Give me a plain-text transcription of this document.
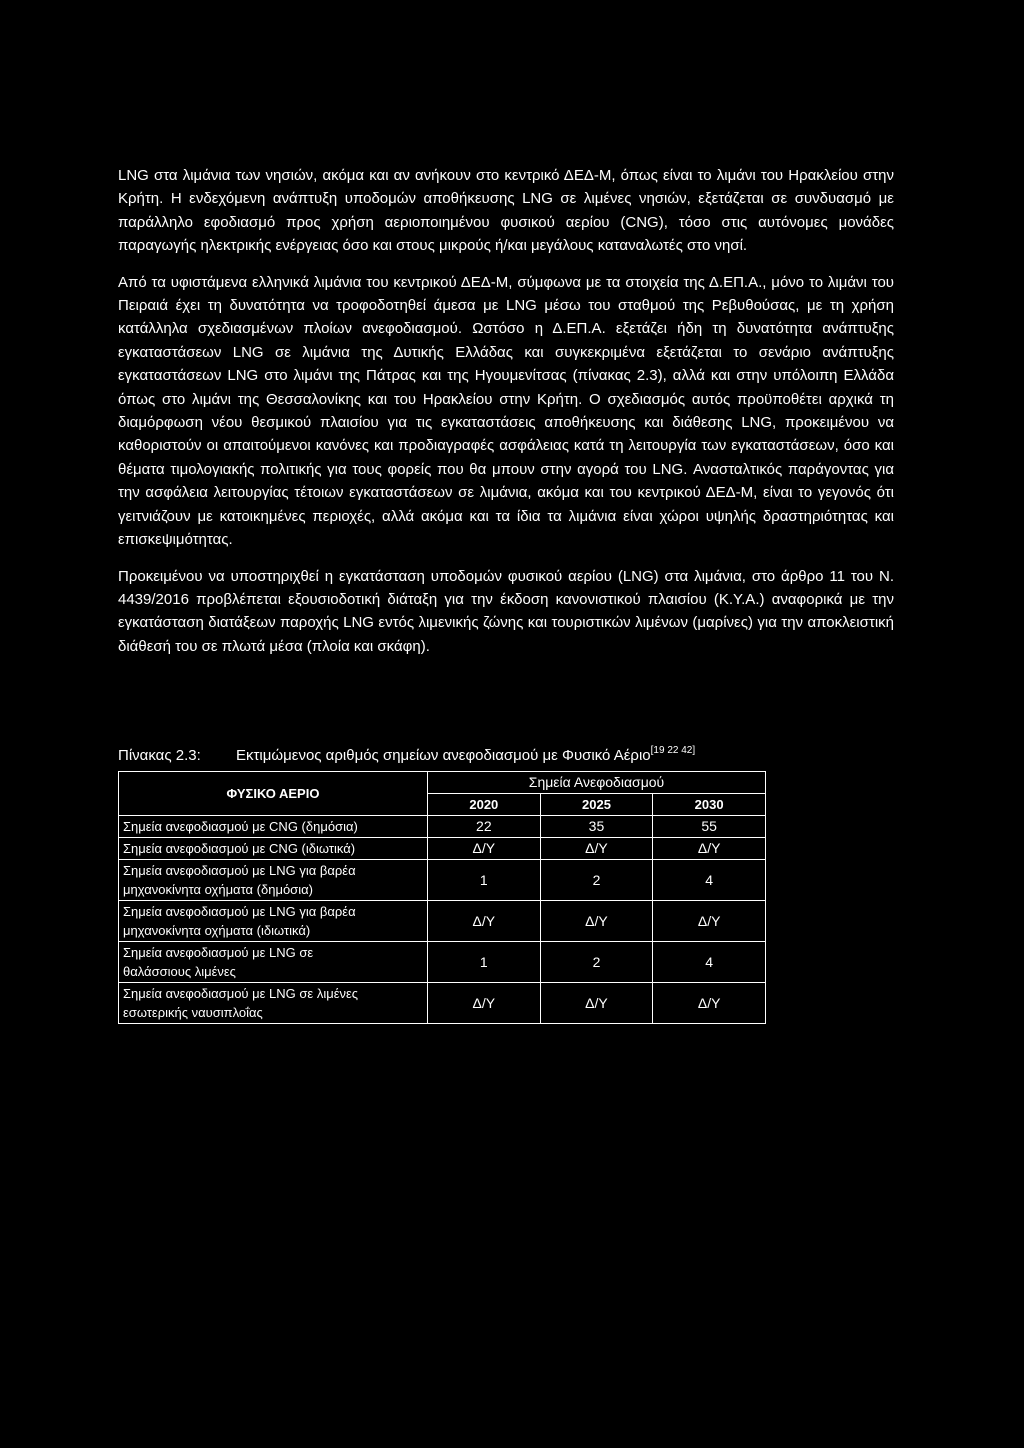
LNG στα λιμάνια των νησιών, ακόμα και αν ανήκουν στο κεντρικό ΔΕΔ-Μ, όπως είναι το λιμάνι του Ηρακλείου στην Κρήτη. Η ενδεχόμενη ανάπτυξη υποδομών αποθήκευσης LNG σε λιμένες νησιών, εξετάζεται σε συνδυασμό με παράλληλο εφοδιασμό προς χρήση αεριοποιημένου φυσικού αερίου (CNG), τόσο στις αυτόνομες μονάδες παραγωγής ηλεκτρικής ενέργειας όσο και στους μικρούς ή/και μεγάλους καταναλωτές στο νησί.

Από τα υφιστάμενα ελληνικά λιμάνια του κεντρικού ΔΕΔ-Μ, σύμφωνα με τα στοιχεία της Δ.ΕΠ.Α., μόνο το λιμάνι του Πειραιά έχει τη δυνατότητα να τροφοδοτηθεί άμεσα με LNG μέσω του σταθμού της Ρεβυθούσας, με τη χρήση κατάλληλα σχεδιασμένων πλοίων ανεφοδιασμού. Ωστόσο η Δ.ΕΠ.Α. εξετάζει ήδη τη δυνατότητα ανάπτυξης εγκαταστάσεων LNG σε λιμάνια της Δυτικής Ελλάδας και συγκεκριμένα εξετάζεται το σενάριο ανάπτυξης εγκαταστάσεων LNG στο λιμάνι της Πάτρας και της Ηγουμενίτσας (πίνακας 2.3), αλλά και στην υπόλοιπη Ελλάδα όπως στο λιμάνι της Θεσσαλονίκης και του Ηρακλείου στην Κρήτη. Ο σχεδιασμός αυτός προϋποθέτει αρχικά τη διαμόρφωση νέου θεσμικού πλαισίου για τις εγκαταστάσεις αποθήκευσης και διάθεσης LNG, προκειμένου να καθοριστούν οι απαιτούμενοι κανόνες και προδιαγραφές ασφάλειας κατά τη λειτουργία των εγκαταστάσεων, όσο και θέματα τιμολογιακής πολιτικής για τους φορείς που θα μπουν στην αγορά του LNG. Ανασταλτικός παράγοντας για την ασφάλεια λειτουργίας τέτοιων εγκαταστάσεων σε λιμάνια, ακόμα και του κεντρικού ΔΕΔ-Μ, είναι το γεγονός ότι γειτνιάζουν με κατοικημένες περιοχές, αλλά ακόμα και τα ίδια τα λιμάνια είναι χώροι υψηλής δραστηριότητας και επισκεψιμότητας.

Προκειμένου να υποστηριχθεί η εγκατάσταση υποδομών φυσικού αερίου (LNG) στα λιμάνια, στο άρθρο 11 του Ν. 4439/2016 προβλέπεται εξουσιοδοτική διάταξη για την έκδοση κανονιστικού πλαισίου (Κ.Υ.Α.) αναφορικά με την εγκατάσταση διατάξεων παροχής LNG εντός λιμενικής ζώνης και τουριστικών λιμένων (μαρίνες) για την αποκλειστική διάθεσή του σε πλωτά μέσα (πλοία και σκάφη).

Πίνακας 2.3: Εκτιμώμενος αριθμός σημείων ανεφοδιασμού με Φυσικό Αέριο[19 22 42]
ΦΥΣΙΚΟ ΑΕΡΙΟ	Σημεία Ανεφοδιασμού		
	2020	2025	2030
Σημεία ανεφοδιασμού με CNG (δημόσια)	22	35	55
Σημεία ανεφοδιασμού με CNG (ιδιωτικά)	Δ/Υ	Δ/Υ	Δ/Υ
Σημεία ανεφοδιασμού με LNG για βαρέα
μηχανοκίνητα οχήματα (δημόσια)	1	2	4
Σημεία ανεφοδιασμού με LNG για βαρέα
μηχανοκίνητα οχήματα (ιδιωτικά)	Δ/Υ	Δ/Υ	Δ/Υ
Σημεία ανεφοδιασμού με LNG σε
θαλάσσιους λιμένες	1	2	4
Σημεία ανεφοδιασμού με LNG σε λιμένες
εσωτερικής ναυσιπλοΐας	Δ/Υ	Δ/Υ	Δ/Υ
